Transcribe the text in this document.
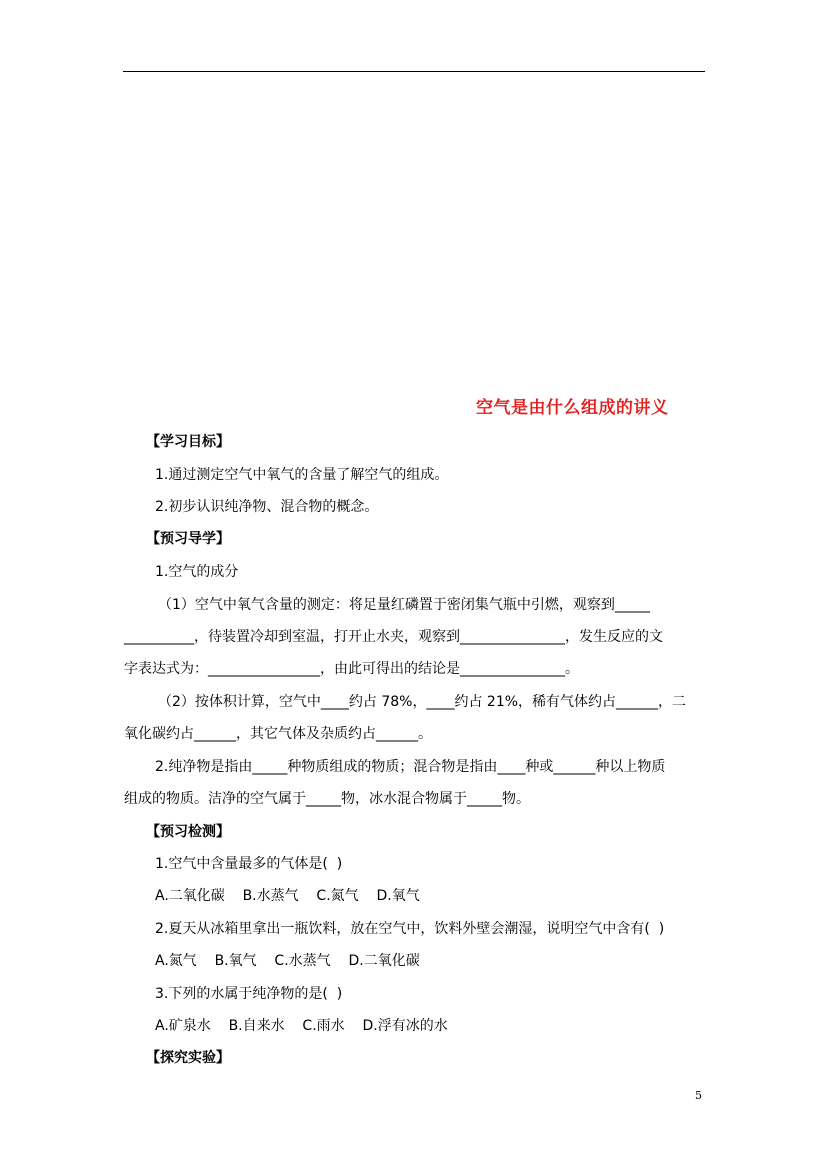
空气是由什么组成的讲义
【学习目标】
1.通过测定空气中氧气的含量了解空气的组成。
2.初步认识纯净物、混合物的概念。
【预习导学】
1.空气的成分
（1）空气中氧气含量的测定：将足量红磷置于密闭集气瓶中引燃，观察到_____
__________，待装置冷却到室温，打开止水夹，观察到_______________，发生反应的文
字表达式为：________________，由此可得出的结论是_______________。
（2）按体积计算，空气中____约占 78%，____约占 21%，稀有气体约占______，二
氧化碳约占______，其它气体及杂质约占______。
2.纯净物是指由_____种物质组成的物质；混合物是指由____种或______种以上物质
组成的物质。洁净的空气属于_____物，冰水混合物属于_____物。
【预习检测】
1.空气中含量最多的气体是(  )
A.二氧化碳    B.水蒸气    C.氮气    D.氧气
2.夏天从冰箱里拿出一瓶饮料，放在空气中，饮料外壁会潮湿，说明空气中含有(  )
A.氮气    B.氧气    C.水蒸气    D.二氧化碳
3.下列的水属于纯净物的是(  )
A.矿泉水    B.自来水    C.雨水    D.浮有冰的水
【探究实验】
5
